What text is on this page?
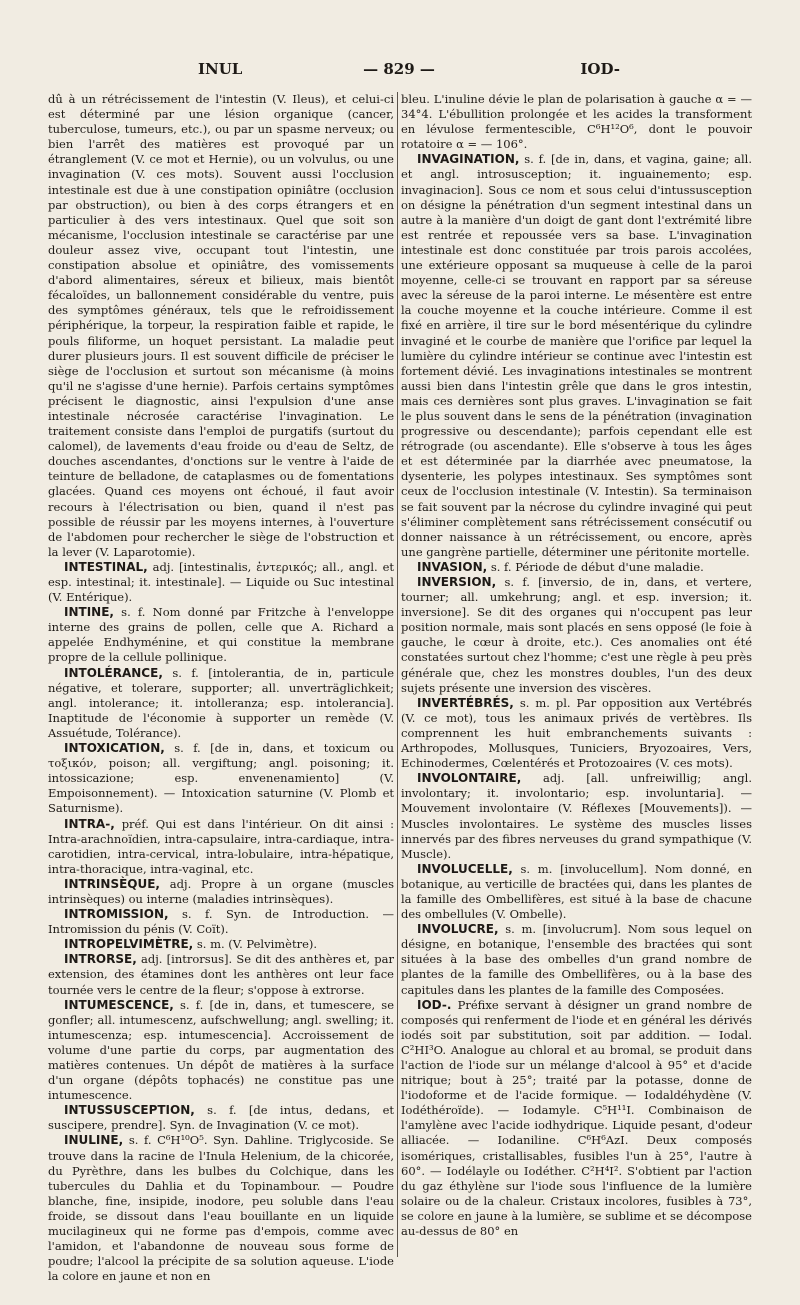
INUL	— 829 —	IOD-

dû à un rétrécissement de l'intestin (V. Ileus), et celui-ci est déterminé par une lésion organique (cancer, tuberculose, tumeurs, etc.), ou par un spasme nerveux; ou bien l'arrêt des matières est provoqué par un étranglement (V. ce mot et Hernie), ou un volvulus, ou une invagination (V. ces mots). Souvent aussi l'occlusion intestinale est due à une constipation opiniâtre (occlusion par obstruction), ou bien à des corps étrangers et en particulier à des vers intestinaux. Quel que soit son mécanisme, l'occlusion intestinale se caractérise par une douleur assez vive, occupant tout l'intestin, une constipation absolue et opiniâtre, des vomissements d'abord alimentaires, séreux et bilieux, mais bientôt fécaloïdes, un ballonnement considérable du ventre, puis des symptômes généraux, tels que le refroidissement périphérique, la torpeur, la respiration faible et rapide, le pouls filiforme, un hoquet persistant. La maladie peut durer plusieurs jours. Il est souvent difficile de préciser le siège de l'occlusion et surtout son mécanisme (à moins qu'il ne s'agisse d'une hernie). Parfois certains symptômes précisent le diagnostic, ainsi l'expulsion d'une anse intestinale nécrosée caractérise l'invagination. Le traitement consiste dans l'emploi de purgatifs (surtout du calomel), de lavements d'eau froide ou d'eau de Seltz, de douches ascendantes, d'onctions sur le ventre à l'aide de teinture de belladone, de cataplasmes ou de fomentations glacées. Quand ces moyens ont échoué, il faut avoir recours à l'électrisation ou bien, quand il n'est pas possible de réussir par les moyens internes, à l'ouverture de l'abdomen pour rechercher le siège de l'obstruction et la lever (V. Laparotomie).

INTESTINAL, adj. [intestinalis, ἐντερικός; all., angl. et esp. intestinal; it. intestinale]. — Liquide ou Suc intestinal (V. Entérique).

INTINE, s. f. Nom donné par Fritzche à l'enveloppe interne des grains de pollen, celle que A. Richard a appelée Endhyménine, et qui constitue la membrane propre de la cellule pollinique.

INTOLÉRANCE, s. f. [intolerantia, de in, particule négative, et tolerare, supporter; all. unverträglichkeit; angl. intolerance; it. intolleranza; esp. intolerancia]. Inaptitude de l'économie à supporter un remède (V. Assuétude, Tolérance).

INTOXICATION, s. f. [de in, dans, et toxicum ou τοξικόν, poison; all. vergiftung; angl. poisoning; it. intossicazione; esp. envenenamiento] (V. Empoisonnement). — Intoxication saturnine (V. Plomb et Saturnisme).

INTRA-, préf. Qui est dans l'intérieur. On dit ainsi : Intra-arachnoïdien, intra-capsulaire, intra-cardiaque, intra-carotidien, intra-cervical, intra-lobulaire, intra-hépatique, intra-thoracique, intra-vaginal, etc.

INTRINSÈQUE, adj. Propre à un organe (muscles intrinsèques) ou interne (maladies intrinsèques).

INTROMISSION, s. f. Syn. de Introduction. — Intromission du pénis (V. Coït).

INTROPELVIMÈTRE, s. m. (V. Pelvimètre).

INTRORSE, adj. [introrsus]. Se dit des anthères et, par extension, des étamines dont les anthères ont leur face tournée vers le centre de la fleur; s'oppose à extrorse.

INTUMESCENCE, s. f. [de in, dans, et tumescere, se gonfler; all. intumescenz, aufschwellung; angl. swelling; it. intumescenza; esp. intumescencia]. Accroissement de volume d'une partie du corps, par augmentation des matières contenues. Un dépôt de matières à la surface d'un organe (dépôts tophacés) ne constitue pas une intumescence.

INTUSSUSCEPTION, s. f. [de intus, dedans, et suscipere, prendre]. Syn. de Invagination (V. ce mot).

INULINE, s. f. C⁶H¹⁰O⁵. Syn. Dahline. Triglycoside. Se trouve dans la racine de l'Inula Helenium, de la chicorée, du Pyrèthre, dans les bulbes du Colchique, dans les tubercules du Dahlia et du Topinambour. — Poudre blanche, fine, insipide, inodore, peu soluble dans l'eau froide, se dissout dans l'eau bouillante en un liquide mucilagineux qui ne forme pas d'empois, comme avec l'amidon, et l'abandonne de nouveau sous forme de poudre; l'alcool la précipite de sa solution aqueuse. L'iode la colore en jaune et non en

bleu. L'inuline dévie le plan de polarisation à gauche α = — 34°4. L'ébullition prolongée et les acides la transforment en lévulose fermentescible, C⁶H¹²O⁶, dont le pouvoir rotatoire α = — 106°.

INVAGINATION, s. f. [de in, dans, et vagina, gaine; all. et angl. introsusception; it. inguainemento; esp. invaginacion]. Sous ce nom et sous celui d'intussusception on désigne la pénétration d'un segment intestinal dans un autre à la manière d'un doigt de gant dont l'extrémité libre est rentrée et repoussée vers sa base. L'invagination intestinale est donc constituée par trois parois accolées, une extérieure opposant sa muqueuse à celle de la paroi moyenne, celle-ci se trouvant en rapport par sa séreuse avec la séreuse de la paroi interne. Le mésentère est entre la couche moyenne et la couche intérieure. Comme il est fixé en arrière, il tire sur le bord mésentérique du cylindre invaginé et le courbe de manière que l'orifice par lequel la lumière du cylindre intérieur se continue avec l'intestin est fortement dévié. Les invaginations intestinales se montrent aussi bien dans l'intestin grêle que dans le gros intestin, mais ces dernières sont plus graves. L'invagination se fait le plus souvent dans le sens de la pénétration (invagination progressive ou descendante); parfois cependant elle est rétrograde (ou ascendante). Elle s'observe à tous les âges et est déterminée par la diarrhée avec pneumatose, la dysenterie, les polypes intestinaux. Ses symptômes sont ceux de l'occlusion intestinale (V. Intestin). Sa terminaison se fait souvent par la nécrose du cylindre invaginé qui peut s'éliminer complètement sans rétrécissement consécutif ou donner naissance à un rétrécissement, ou encore, après une gangrène partielle, déterminer une péritonite mortelle.

INVASION, s. f. Période de début d'une maladie.

INVERSION, s. f. [inversio, de in, dans, et vertere, tourner; all. umkehrung; angl. et esp. inversion; it. inversione]. Se dit des organes qui n'occupent pas leur position normale, mais sont placés en sens opposé (le foie à gauche, le cœur à droite, etc.). Ces anomalies ont été constatées surtout chez l'homme; c'est une règle à peu près générale que, chez les monstres doubles, l'un des deux sujets présente une inversion des viscères.

INVERTÉBRÉS, s. m. pl. Par opposition aux Vertébrés (V. ce mot), tous les animaux privés de vertèbres. Ils comprennent les huit embranchements suivants : Arthropodes, Mollusques, Tuniciers, Bryozoaires, Vers, Echinodermes, Cœlentérés et Protozoaires (V. ces mots).

INVOLONTAIRE, adj. [all. unfreiwillig; angl. involontary; it. involontario; esp. involuntaria]. — Mouvement involontaire (V. Réflexes [Mouvements]). — Muscles involontaires. Le système des muscles lisses innervés par des fibres nerveuses du grand sympathique (V. Muscle).

INVOLUCELLE, s. m. [involucellum]. Nom donné, en botanique, au verticille de bractées qui, dans les plantes de la famille des Ombellifères, est situé à la base de chacune des ombellules (V. Ombelle).

INVOLUCRE, s. m. [involucrum]. Nom sous lequel on désigne, en botanique, l'ensemble des bractées qui sont situées à la base des ombelles d'un grand nombre de plantes de la famille des Ombellifères, ou à la base des capitules dans les plantes de la famille des Composées.

IOD-. Préfixe servant à désigner un grand nombre de composés qui renferment de l'iode et en général les dérivés iodés soit par substitution, soit par addition. — Iodal. C²HI³O. Analogue au chloral et au bromal, se produit dans l'action de l'iode sur un mélange d'alcool à 95° et d'acide nitrique; bout à 25°; traité par la potasse, donne de l'iodoforme et de l'acide formique. — Iodaldéhydène (V. Iodéthéroïde). — Iodamyle. C⁵H¹¹I. Combinaison de l'amylène avec l'acide iodhydrique. Liquide pesant, d'odeur alliacée. — Iodaniline. C⁶H⁶AzI. Deux composés isomériques, cristallisables, fusibles l'un à 25°, l'autre à 60°. — Iodélayle ou Iodéther. C²H⁴I². S'obtient par l'action du gaz éthylène sur l'iode sous l'influence de la lumière solaire ou de la chaleur. Cristaux incolores, fusibles à 73°, se colore en jaune à la lumière, se sublime et se décompose au-dessus de 80° en
